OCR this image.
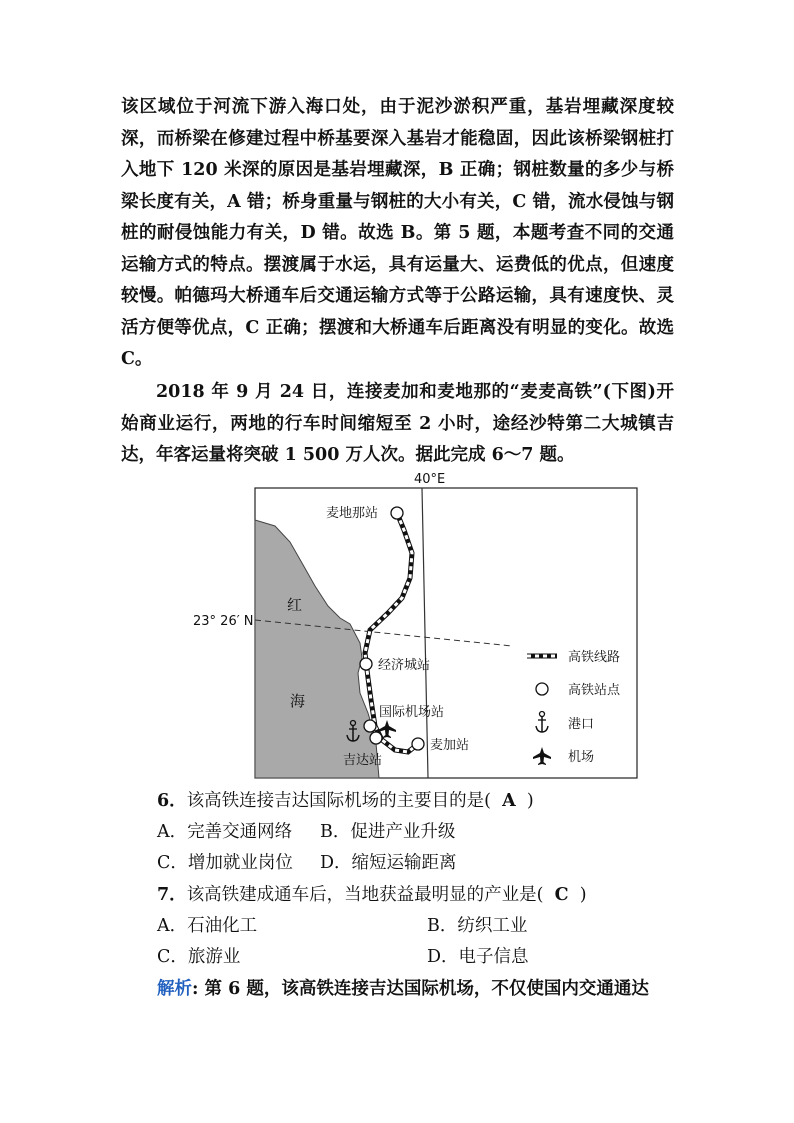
该区域位于河流下游入海口处，由于泥沙淤积严重，基岩埋藏深度较深，而桥梁在修建过程中桥基要深入基岩才能稳固，因此该桥梁钢桩打入地下 120 米深的原因是基岩埋藏深，B 正确；钢桩数量的多少与桥梁长度有关，A 错；桥身重量与钢桩的大小有关，C 错，流水侵蚀与钢桩的耐侵蚀能力有关，D 错。故选 B。第 5 题，本题考查不同的交通运输方式的特点。摆渡属于水运，具有运量大、运费低的优点，但速度较慢。帕德玛大桥通车后交通运输方式等于公路运输，具有速度快、灵活方便等优点，C 正确；摆渡和大桥通车后距离没有明显的变化。故选 C。

2018 年 9 月 24 日，连接麦加和麦地那的“麦麦高铁”(下图)开始商业运行，两地的行车时间缩短至 2 小时，途经沙特第二大城镇吉达，年客运量将突破 1 500 万人次。据此完成 6～7 题。

40°E
23° 26′ N
红
海
麦地那站
经济城站
国际机场站
吉达站
麦加站
高铁线路
高铁站点
港口
机场
6．该高铁连接吉达国际机场的主要目的是( A )
A．完善交通网络 B．促进产业升级
C．增加就业岗位 D．缩短运输距离
7．该高铁建成通车后，当地获益最明显的产业是( C )
A．石油化工	B．纺织工业
C．旅游业	D．电子信息
解析: 第 6 题，该高铁连接吉达国际机场，不仅使国内交通通达
